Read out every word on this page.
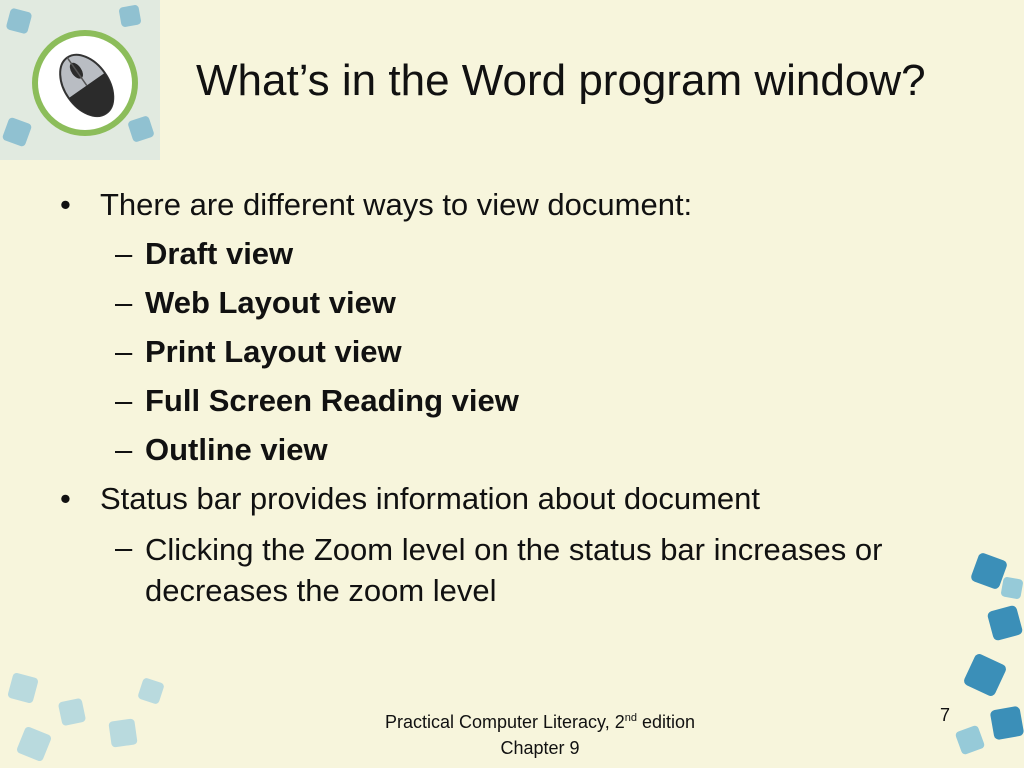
What’s in the Word program window?
• There are different ways to view document:
– Draft view
– Web Layout view
– Print Layout view
– Full Screen Reading view
– Outline view
• Status bar provides information about document
– Clicking the Zoom level on the status bar increases or decreases the zoom level
Practical Computer Literacy, 2nd edition
Chapter 9
7
